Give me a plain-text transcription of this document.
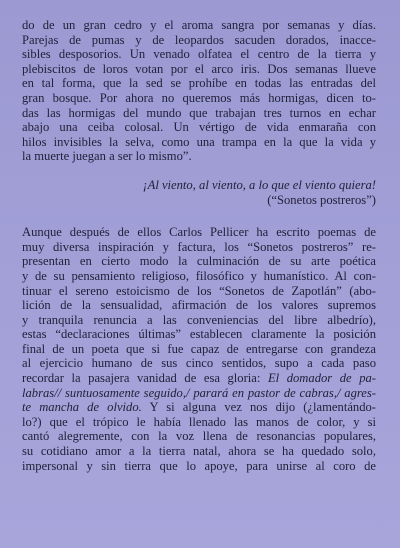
do de un gran cedro y el aroma sangra por semanas y días.
Parejas de pumas y de leopardos sacuden dorados, inacce-
sibles desposorios. Un venado olfatea el centro de la tierra y
plebiscitos de loros votan por el arco iris. Dos semanas llueve
en tal forma, que la sed se prohíbe en todas las entradas del
gran bosque. Por ahora no queremos más hormigas, dicen to-
das las hormigas del mundo que trabajan tres turnos en echar
abajo una ceiba colosal. Un vértigo de vida enmaraña con
hilos invisibles la selva, como una trampa en la que la vida y
la muerte juegan a ser lo mismo”.
¡Al viento, al viento, a lo que el viento quiera!
(“Sonetos postreros”)
Aunque después de ellos Carlos Pellicer ha escrito poemas de
muy diversa inspiración y factura, los “Sonetos postreros” re-
presentan en cierto modo la culminación de su arte poética
y de su pensamiento religioso, filosófico y humanístico. Al con-
tinuar el sereno estoicismo de los “Sonetos de Zapotlán” (abo-
lición de la sensualidad, afirmación de los valores supremos
y tranquila renuncia a las conveniencias del libre albedrío),
estas “declaraciones últimas” establecen claramente la posición
final de un poeta que si fue capaz de entregarse con grandeza
al ejercicio humano de sus cinco sentidos, supo a cada paso
recordar la pasajera vanidad de esa gloria: El domador de pa-
labras// suntuosamente seguido,/ parará en pastor de cabras,/ agres-
te mancha de olvido. Y si alguna vez nos dijo (¿lamentándo-
lo?) que el trópico le había llenado las manos de color, y si
cantó alegremente, con la voz llena de resonancias populares,
su cotidiano amor a la tierra natal, ahora se ha quedado solo,
impersonal y sin tierra que lo apoye, para unirse al coro de
